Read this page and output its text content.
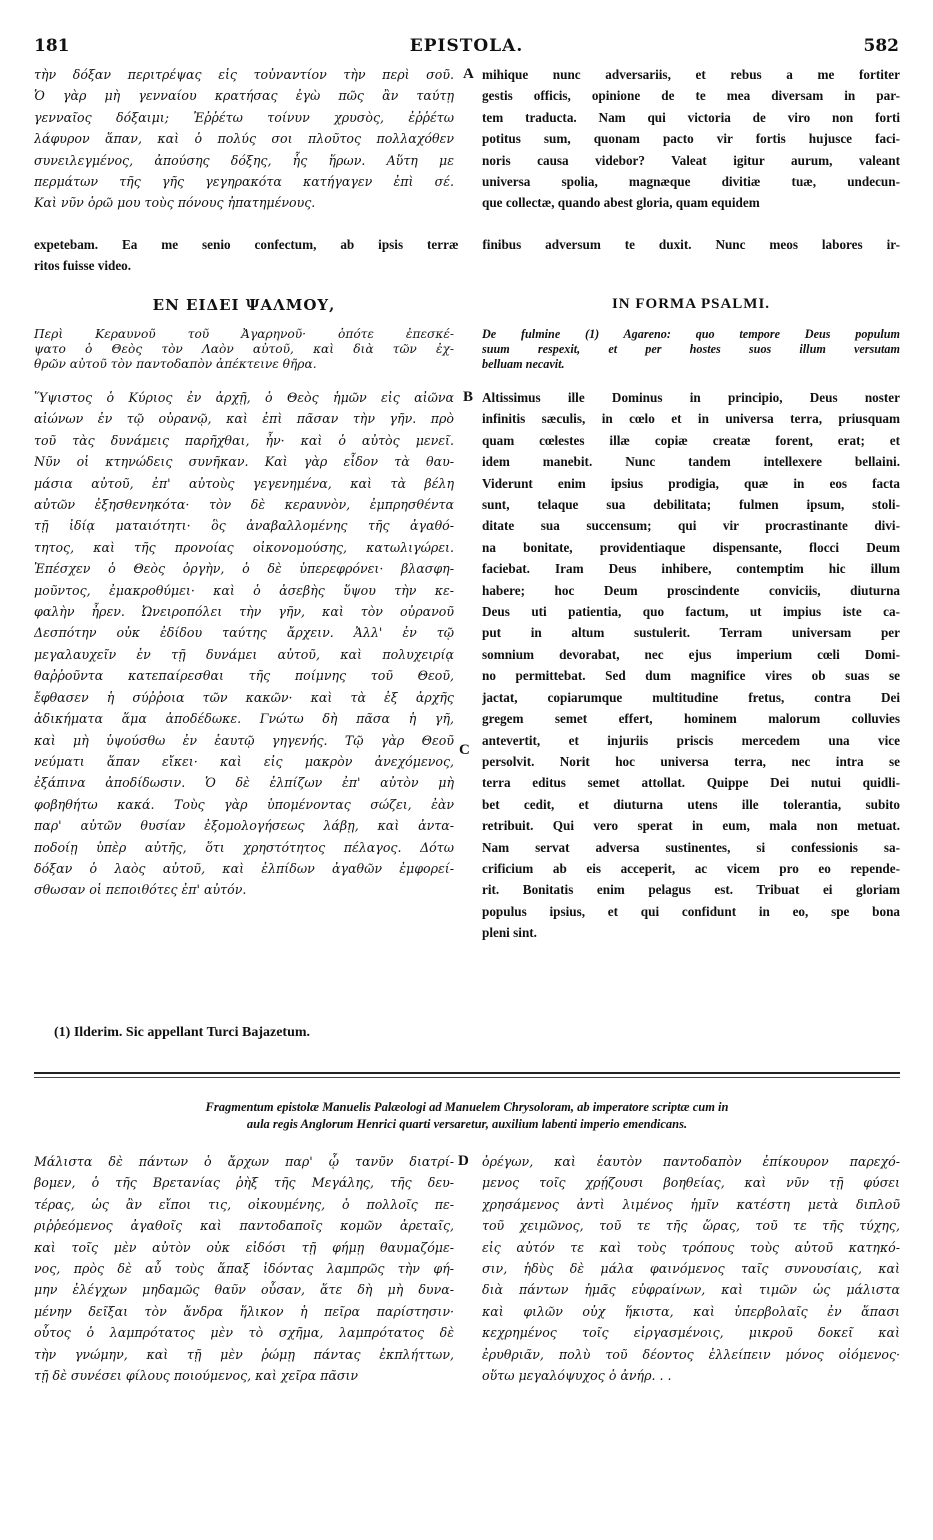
181	EPISTOLA.	582
τὴν δόξαν περιτρέψας εἰς τοὐναντίον τὴν περὶ σοῦ.
Ὁ γὰρ μὴ γενναίου κρατήσας ἐγὼ πῶς ἂν ταύτῃ
γενναῖος δόξαιμι; Ἐῤῥέτω τοίνυν χρυσὸς, ἐῤῥέτω
λάφυρον ἅπαν, καὶ ὁ πολύς σοι πλοῦτος πολλαχόθεν
συνειλεγμένος, ἀπούσης δόξης, ἧς ἥρων. Αὕτη με
περμάτων τῆς γῆς γεγηρακότα κατήγαγεν ἐπὶ σέ.
Καὶ νῦν ὁρῶ μου τοὺς πόνους ἠπατημένους.
mihique nunc adversariis, et rebus a me fortiter
gestis officis, opinione de te mea diversam in par-
tem traducta. Nam qui victoria de viro non forti
potitus sum, quonam pacto vir fortis hujusce faci-
noris causa videbor? Valeat igitur aurum, valeant
universa spolia, magnæque divitiæ tuæ, undecun-
que collectæ, quando abest gloria, quam equidem
A
expetebam. Ea me senio confectum, ab ipsis terræ finibus adversum te duxit. Nunc meos labores ir-
ritos fuisse video.
ΕΝ ΕΙΔΕΙ ΨΑΛΜΟΥ,	IN FORMA PSALMI.
Περὶ Κεραυνοῦ τοῦ Ἀγαρηνοῦ· ὁπότε ἐπεσκέ-
ψατο ὁ Θεὸς τὸν Λαὸν αὐτοῦ, καὶ διὰ τῶν ἐχ-
θρῶν αὐτοῦ τὸν παντοδαπὸν ἀπέκτεινε θῆρα.
De fulmine (1) Agareno: quo tempore Deus populum
suum respexit, et per hostes suos illum versutam
belluam necavit.
Ὕψιστος ὁ Κύριος ἐν ἀρχῇ, ὁ Θεὸς ἡμῶν εἰς αἰῶνα
αἰώνων ἐν τῷ οὐρανῷ, καὶ ἐπὶ πᾶσαν τὴν γῆν. πρὸ
τοῦ τὰς δυνάμεις παρῆχθαι, ἦν· καὶ ὁ αὐτὸς μενεῖ.
Νῦν οἱ κτηνώδεις συνῆκαν. Καὶ γὰρ εἶδον τὰ θαυ-
μάσια αὐτοῦ, ἐπ' αὐτοὺς γεγενημένα, καὶ τὰ βέλη
αὐτῶν ἐξησθενηκότα· τὸν δὲ κεραυνὸν, ἐμπρησθέντα
τῇ ἰδίᾳ ματαιότητι· ὃς ἀναβαλλομένης τῆς ἀγαθό-
τητος, καὶ τῆς προνοίας οἰκονομούσης, κατωλιγώρει.
Ἐπέσχεν ὁ Θεὸς ὀργὴν, ὁ δὲ ὑπερεφρόνει· βλασφη-
μοῦντος, ἐμακροθύμει· καὶ ὁ ἀσεβὴς ὕψου τὴν κε-
φαλὴν ἦρεν. Ὠνειροπόλει τὴν γῆν, καὶ τὸν οὐρανοῦ
Δεσπότην οὐκ ἐδίδου ταύτης ἄρχειν. Ἀλλ' ἐν τῷ
μεγαλαυχεῖν ἐν τῇ δυνάμει αὐτοῦ, καὶ πολυχειρίᾳ
θαῤῥοῦντα κατεπαίρεσθαι τῆς ποίμνης τοῦ Θεοῦ,
ἔφθασεν ἡ σύῤῥοια τῶν κακῶν· καὶ τὰ ἐξ ἀρχῆς
ἀδικήματα ἅμα ἀποδέδωκε. Γνώτω δὴ πᾶσα ἡ γῆ,
καὶ μὴ ὑψούσθω ἐν ἑαυτῷ γηγενής. Τῷ γὰρ Θεοῦ
νεύματι ἅπαν εἴκει· καὶ εἰς μακρὸν ἀνεχόμενος,
ἐξάπινα ἀποδίδωσιν. Ὁ δὲ ἐλπίζων ἐπ' αὐτὸν μὴ
φοβηθήτω κακά. Τοὺς γὰρ ὑπομένοντας σώζει, ἐὰν
παρ' αὐτῶν θυσίαν ἐξομολογήσεως λάβῃ, καὶ ἀντα-
ποδοίῃ ὑπὲρ αὐτῆς, ὅτι χρηστότητος πέλαγος. Δότω
δόξαν ὁ λαὸς αὐτοῦ, καὶ ἐλπίδων ἀγαθῶν ἐμφορεί-
σθωσαν οἱ πεποιθότες ἐπ' αὐτόν.
Altissimus ille Dominus in principio, Deus noster
infinitis sæculis, in cœlo et in universa terra, priusquam
quam cœlestes illæ copiæ creatæ forent, erat; et
idem manebit. Nunc tandem intellexere bellaini.
Viderunt enim ipsius prodigia, quæ in eos facta
sunt, telaque sua debilitata; fulmen ipsum, stoli-
ditate sua succensum; qui vir procrastinante divi-
na bonitate, providentiaque dispensante, flocci Deum
faciebat. Iram Deus inhibere, contemptim hic illum
habere; hoc Deum proscindente conviciis, diuturna
Deus uti patientia, quo factum, ut impius iste ca-
put in altum sustulerit. Terram universam per
somnium devorabat, nec ejus imperium cœli Domi-
no permittebat. Sed dum magnifice vires ob suas se
jactat, copiarumque multitudine fretus, contra Dei
gregem semet effert, hominem malorum colluvies
antevertit, et injuriis priscis mercedem una vice
persolvit. Norit hoc universa terra, nec intra se
terra editus semet attollat. Quippe Dei nutui quidli-
bet cedit, et diuturna utens ille tolerantia, subito
retribuit. Qui vero sperat in eum, mala non metuat.
Nam servat adversa sustinentes, si confessionis sa-
crificium ab eis acceperit, ac vicem pro eo repende-
rit. Bonitatis enim pelagus est. Tribuat ei gloriam
populus ipsius, et qui confidunt in eo, spe bona
pleni sint.
B
C
(1) Ilderim. Sic appellant Turci Bajazetum.
Fragmentum epistolæ Manuelis Palæologi ad Manuelem Chrysoloram, ab imperatore scriptæ cum in
aula regis Anglorum Henrici quarti versaretur, auxilium labenti imperio emendicans.
Μάλιστα δὲ πάντων ὁ ἄρχων παρ' ᾧ τανῦν διατρί-
βομεν, ὁ τῆς Βρετανίας ῥὴξ τῆς Μεγάλης, τῆς δευ-
τέρας, ὡς ἂν εἴποι τις, οἰκουμένης, ὁ πολλοῖς πε-
ριῤῥεόμενος ἀγαθοῖς καὶ παντοδαποῖς κομῶν ἀρεταῖς,
καὶ τοῖς μὲν αὐτὸν οὐκ εἰδόσι τῇ φήμῃ θαυμαζόμε-
νος, πρὸς δὲ αὖ τοὺς ἅπαξ ἰδόντας λαμπρῶς τὴν φή-
μην ἐλέγχων μηδαμῶς θαῦν οὖσαν, ἅτε δὴ μὴ δυνα-
μένην δεῖξαι τὸν ἄνδρα ἥλικον ἡ πεῖρα παρίστησιν·
οὗτος ὁ λαμπρότατος μὲν τὸ σχῆμα, λαμπρότατος δὲ
τὴν γνώμην, καὶ τῇ μὲν ῥώμῃ πάντας ἐκπλήττων,
τῇ δὲ συνέσει φίλους ποιούμενος, καὶ χεῖρα πᾶσιν
ὀρέγων, καὶ ἑαυτὸν παντοδαπὸν ἐπίκουρον παρεχό-
μενος τοῖς χρῄζουσι βοηθείας, καὶ νῦν τῇ φύσει
χρησάμενος ἀντὶ λιμένος ἡμῖν κατέστη μετὰ διπλοῦ
τοῦ χειμῶνος, τοῦ τε τῆς ὥρας, τοῦ τε τῆς τύχης,
εἰς αὐτόν τε καὶ τοὺς τρόπους τοὺς αὐτοῦ κατηκό-
σιν, ἡδὺς δὲ μάλα φαινόμενος ταῖς συνουσίαις, καὶ
διὰ πάντων ἡμᾶς εὐφραίνων, καὶ τιμῶν ὡς μάλιστα
καὶ φιλῶν οὐχ ἥκιστα, καὶ ὑπερβολαῖς ἐν ἅπασι
κεχρημένος τοῖς εἰργασμένοις, μικροῦ δοκεῖ καὶ
ἐρυθριᾶν, πολὺ τοῦ δέοντος ἐλλείπειν μόνος οἰόμενος·
οὕτω μεγαλόψυχος ὁ ἀνήρ. . .
D
